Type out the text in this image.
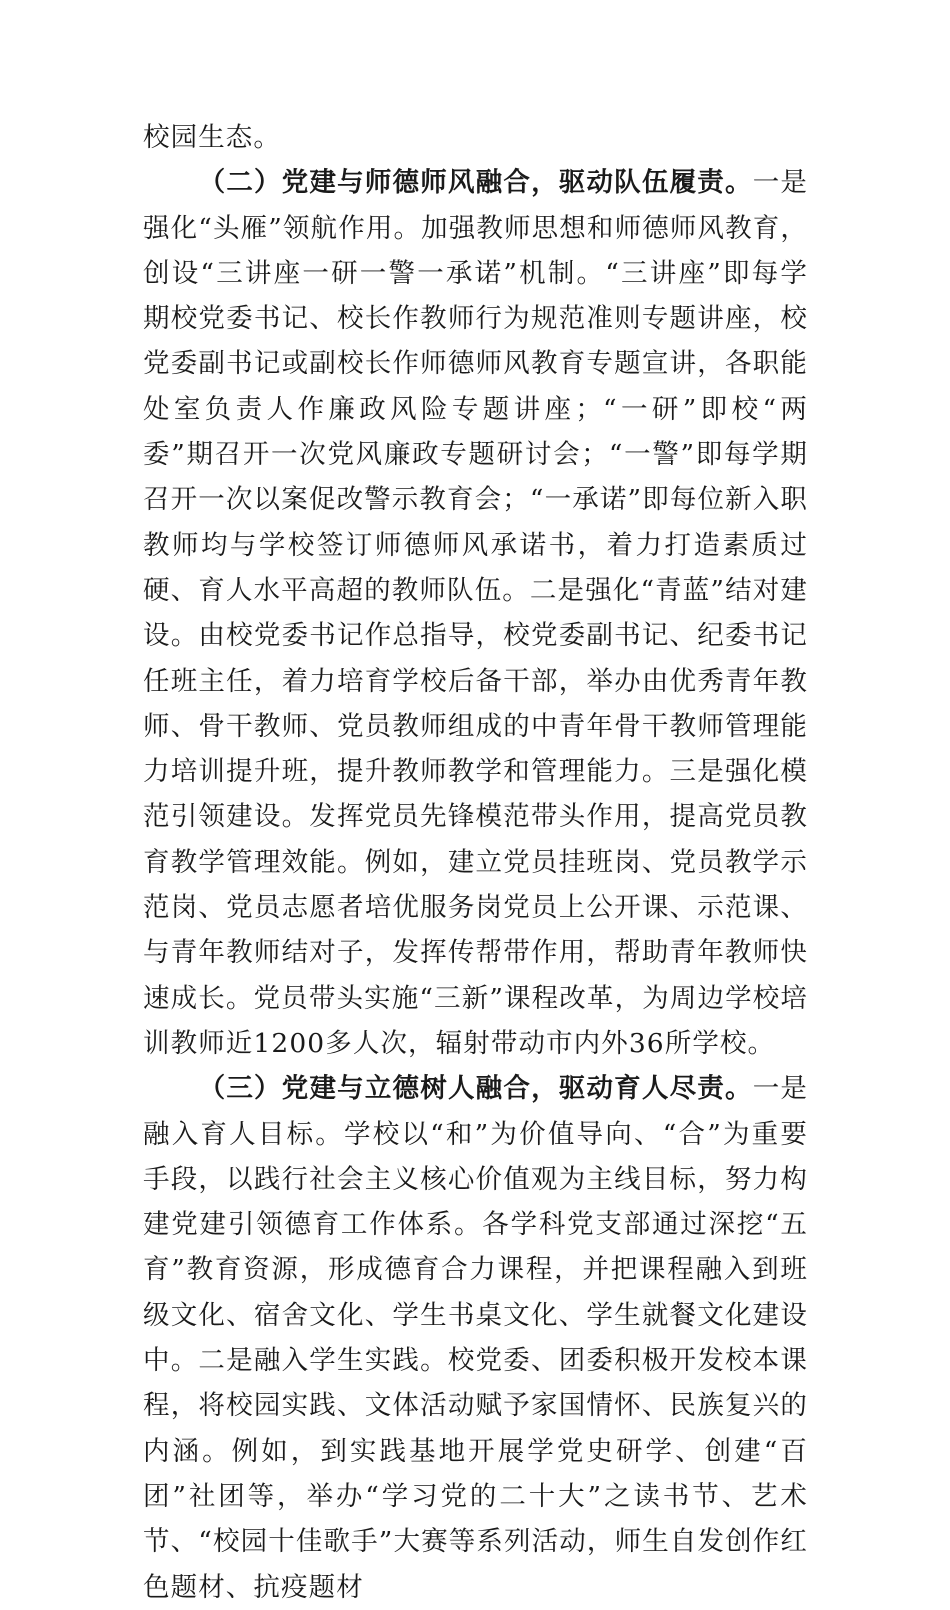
校园生态。

（二）党建与师德师风融合，驱动队伍履责。一是强化“头雁”领航作用。加强教师思想和师德师风教育，创设“三讲座一研一警一承诺”机制。“三讲座”即每学期校党委书记、校长作教师行为规范准则专题讲座，校党委副书记或副校长作师德师风教育专题宣讲，各职能处室负责人作廉政风险专题讲座；“一研”即校“两委”期召开一次党风廉政专题研讨会；“一警”即每学期召开一次以案促改警示教育会；“一承诺”即每位新入职教师均与学校签订师德师风承诺书，着力打造素质过硬、育人水平高超的教师队伍。二是强化“青蓝”结对建设。由校党委书记作总指导，校党委副书记、纪委书记任班主任，着力培育学校后备干部，举办由优秀青年教师、骨干教师、党员教师组成的中青年骨干教师管理能力培训提升班，提升教师教学和管理能力。三是强化模范引领建设。发挥党员先锋模范带头作用，提高党员教育教学管理效能。例如，建立党员挂班岗、党员教学示范岗、党员志愿者培优服务岗党员上公开课、示范课、与青年教师结对子，发挥传帮带作用，帮助青年教师快速成长。党员带头实施“三新”课程改革，为周边学校培训教师近1200多人次，辐射带动市内外36所学校。

（三）党建与立德树人融合，驱动育人尽责。一是融入育人目标。学校以“和”为价值导向、“合”为重要手段，以践行社会主义核心价值观为主线目标，努力构建党建引领德育工作体系。各学科党支部通过深挖“五育”教育资源，形成德育合力课程，并把课程融入到班级文化、宿舍文化、学生书桌文化、学生就餐文化建设中。二是融入学生实践。校党委、团委积极开发校本课程，将校园实践、文体活动赋予家国情怀、民族复兴的内涵。例如，到实践基地开展学党史研学、创建“百团”社团等，举办“学习党的二十大”之读书节、艺术节、“校园十佳歌手”大赛等系列活动，师生自发创作红色题材、抗疫题材
